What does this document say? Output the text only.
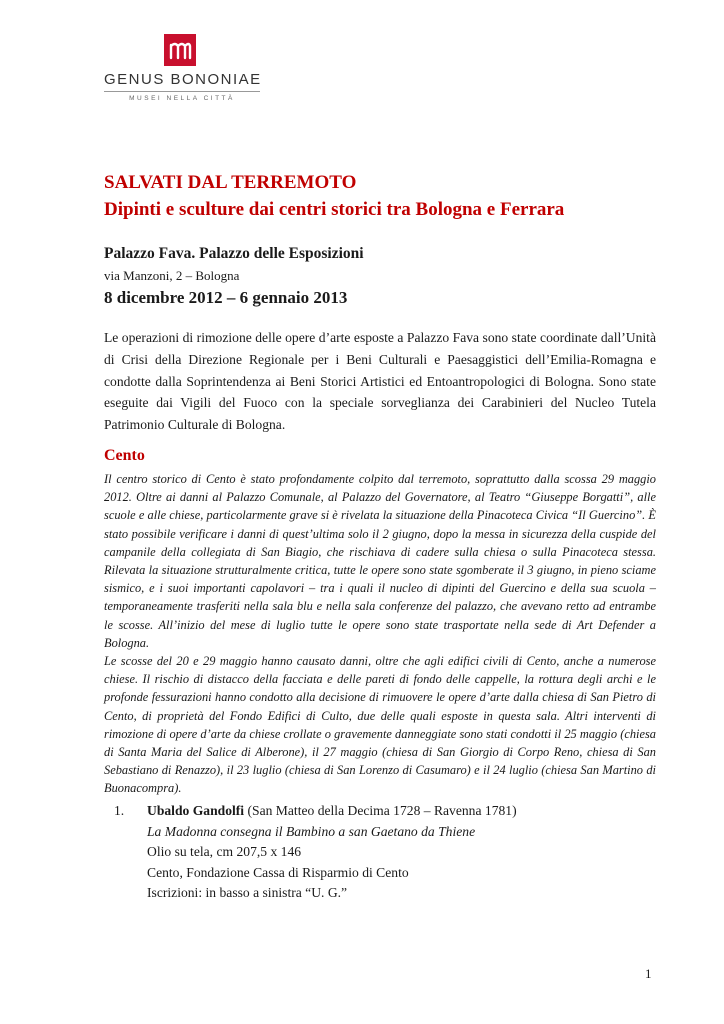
GENUS BONONIAE
MUSEI NELLA CITTÀ
SALVATI DAL TERREMOTO
Dipinti e sculture dai centri storici tra Bologna e Ferrara
Palazzo Fava. Palazzo delle Esposizioni
via Manzoni, 2 – Bologna
8 dicembre 2012 – 6 gennaio 2013

Le operazioni di rimozione delle opere d’arte esposte a Palazzo Fava sono state coordinate dall’Unità di Crisi della Direzione Regionale per i Beni Culturali e Paesaggistici dell’Emilia-Romagna e condotte dalla Soprintendenza ai Beni Storici Artistici ed Entoantropologici di Bologna. Sono state eseguite dai Vigili del Fuoco con la speciale sorveglianza dei Carabinieri del Nucleo Tutela Patrimonio Culturale di Bologna.

Cento

Il centro storico di Cento è stato profondamente colpito dal terremoto, soprattutto dalla scossa 29 maggio 2012. Oltre ai danni al Palazzo Comunale, al Palazzo del Governatore, al Teatro “Giuseppe Borgatti”, alle scuole e alle chiese, particolarmente grave si è rivelata la situazione della Pinacoteca Civica “Il Guercino”. È stato possibile verificare i danni di quest’ultima solo il 2 giugno, dopo la messa in sicurezza della cuspide del campanile della collegiata di San Biagio, che rischiava di cadere sulla chiesa o sulla Pinacoteca stessa. Rilevata la situazione strutturalmente critica, tutte le opere sono state sgomberate il 3 giugno, in pieno sciame sismico, e i suoi importanti capolavori – tra i quali il nucleo di dipinti del Guercino e della sua scuola – temporaneamente trasferiti nella sala blu e nella sala conferenze del palazzo, che avevano retto ad entrambe le scosse. All’inizio del mese di luglio tutte le opere sono state trasportate nella sede di Art Defender a Bologna.

Le scosse del 20 e 29 maggio hanno causato danni, oltre che agli edifici civili di Cento, anche a numerose chiese. Il rischio di distacco della facciata e delle pareti di fondo delle cappelle, la rottura degli archi e le profonde fessurazioni hanno condotto alla decisione di rimuovere le opere d’arte dalla chiesa di San Pietro di Cento, di proprietà del Fondo Edifici di Culto, due delle quali esposte in questa sala. Altri interventi di rimozione di opere d’arte da chiese crollate o gravemente danneggiate sono stati condotti il 25 maggio (chiesa di Santa Maria del Salice di Alberone), il 27 maggio (chiesa di San Giorgio di Corpo Reno, chiesa di San Sebastiano di Renazzo), il 23 luglio (chiesa di San Lorenzo di Casumaro) e il 24 luglio (chiesa San Martino di Buonacompra).

1. Ubaldo Gandolfi (San Matteo della Decima 1728 – Ravenna 1781)
La Madonna consegna il Bambino a san Gaetano da Thiene
Olio su tela, cm 207,5 x 146
Cento, Fondazione Cassa di Risparmio di Cento
Iscrizioni: in basso a sinistra “U. G.”
1
